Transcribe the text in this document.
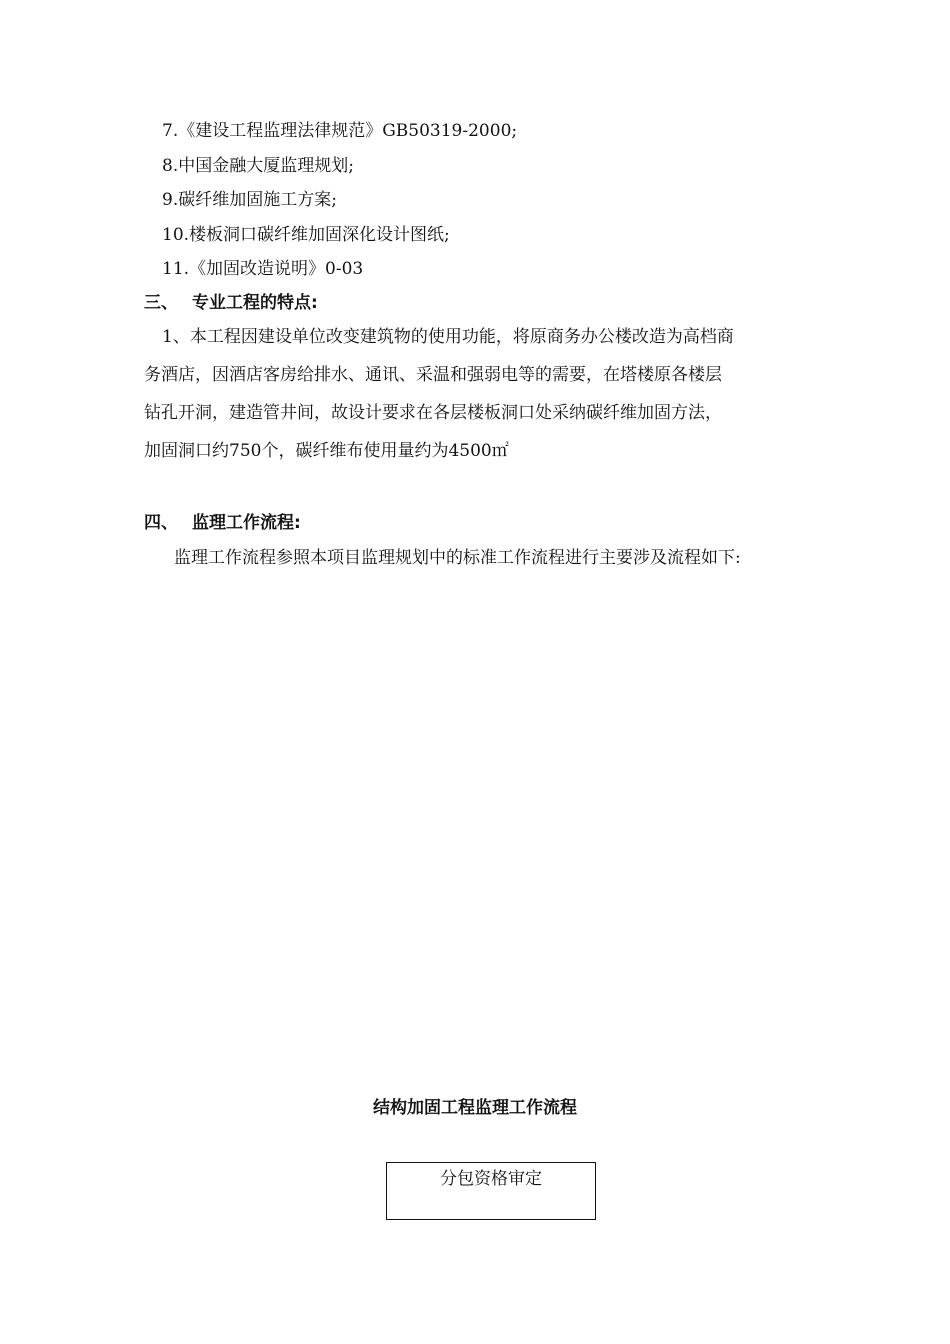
7.《建设工程监理法律规范》GB50319-2000;
8.中国金融大厦监理规划;
9.碳纤维加固施工方案;
10.楼板洞口碳纤维加固深化设计图纸;
11.《加固改造说明》0-03
三、 专业工程的特点:
1、本工程因建设单位改变建筑物的使用功能，将原商务办公楼改造为高档商
务酒店，因酒店客房给排水、通讯、采温和强弱电等的需要，在塔楼原各楼层
钻孔开洞，建造管井间，故设计要求在各层楼板洞口处采纳碳纤维加固方法，
加固洞口约750个，碳纤维布使用量约为4500㎡
四、 监理工作流程:
监理工作流程参照本项目监理规划中的标准工作流程进行主要涉及流程如下:
结构加固工程监理工作流程
分包资格审定
